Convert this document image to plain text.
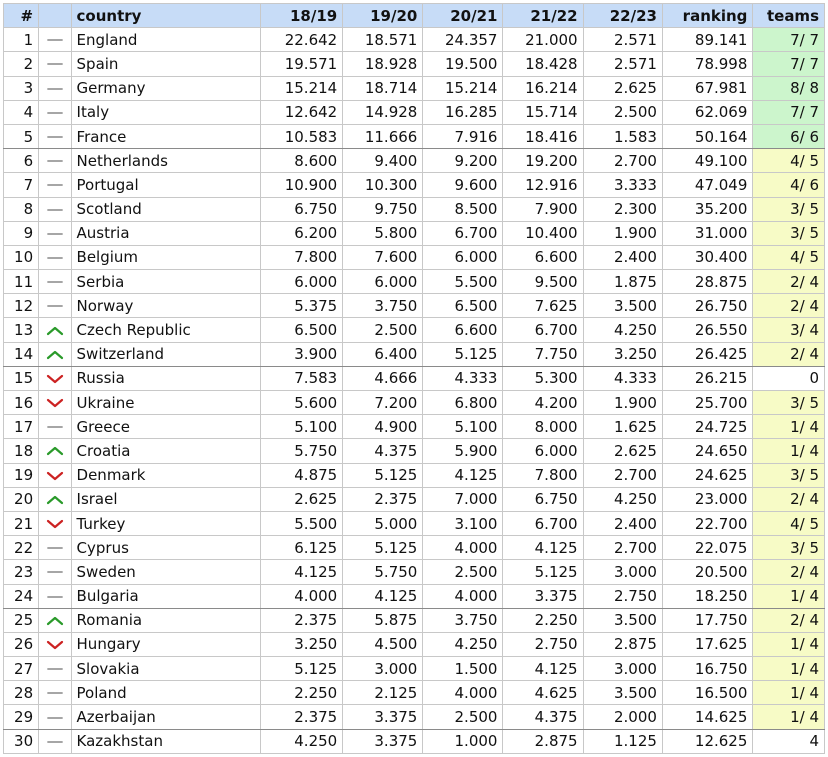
#		country	18/19	19/20	20/21	21/22	22/23	ranking	teams
1		England	22.642	18.571	24.357	21.000	2.571	89.141	7/ 7
2		Spain	19.571	18.928	19.500	18.428	2.571	78.998	7/ 7
3		Germany	15.214	18.714	15.214	16.214	2.625	67.981	8/ 8
4		Italy	12.642	14.928	16.285	15.714	2.500	62.069	7/ 7
5		France	10.583	11.666	7.916	18.416	1.583	50.164	6/ 6
6		Netherlands	8.600	9.400	9.200	19.200	2.700	49.100	4/ 5
7		Portugal	10.900	10.300	9.600	12.916	3.333	47.049	4/ 6
8		Scotland	6.750	9.750	8.500	7.900	2.300	35.200	3/ 5
9		Austria	6.200	5.800	6.700	10.400	1.900	31.000	3/ 5
10		Belgium	7.800	7.600	6.000	6.600	2.400	30.400	4/ 5
11		Serbia	6.000	6.000	5.500	9.500	1.875	28.875	2/ 4
12		Norway	5.375	3.750	6.500	7.625	3.500	26.750	2/ 4
13		Czech Republic	6.500	2.500	6.600	6.700	4.250	26.550	3/ 4
14		Switzerland	3.900	6.400	5.125	7.750	3.250	26.425	2/ 4
15		Russia	7.583	4.666	4.333	5.300	4.333	26.215	0
16		Ukraine	5.600	7.200	6.800	4.200	1.900	25.700	3/ 5
17		Greece	5.100	4.900	5.100	8.000	1.625	24.725	1/ 4
18		Croatia	5.750	4.375	5.900	6.000	2.625	24.650	1/ 4
19		Denmark	4.875	5.125	4.125	7.800	2.700	24.625	3/ 5
20		Israel	2.625	2.375	7.000	6.750	4.250	23.000	2/ 4
21		Turkey	5.500	5.000	3.100	6.700	2.400	22.700	4/ 5
22		Cyprus	6.125	5.125	4.000	4.125	2.700	22.075	3/ 5
23		Sweden	4.125	5.750	2.500	5.125	3.000	20.500	2/ 4
24		Bulgaria	4.000	4.125	4.000	3.375	2.750	18.250	1/ 4
25		Romania	2.375	5.875	3.750	2.250	3.500	17.750	2/ 4
26		Hungary	3.250	4.500	4.250	2.750	2.875	17.625	1/ 4
27		Slovakia	5.125	3.000	1.500	4.125	3.000	16.750	1/ 4
28		Poland	2.250	2.125	4.000	4.625	3.500	16.500	1/ 4
29		Azerbaijan	2.375	3.375	2.500	4.375	2.000	14.625	1/ 4
30		Kazakhstan	4.250	3.375	1.000	2.875	1.125	12.625	4
